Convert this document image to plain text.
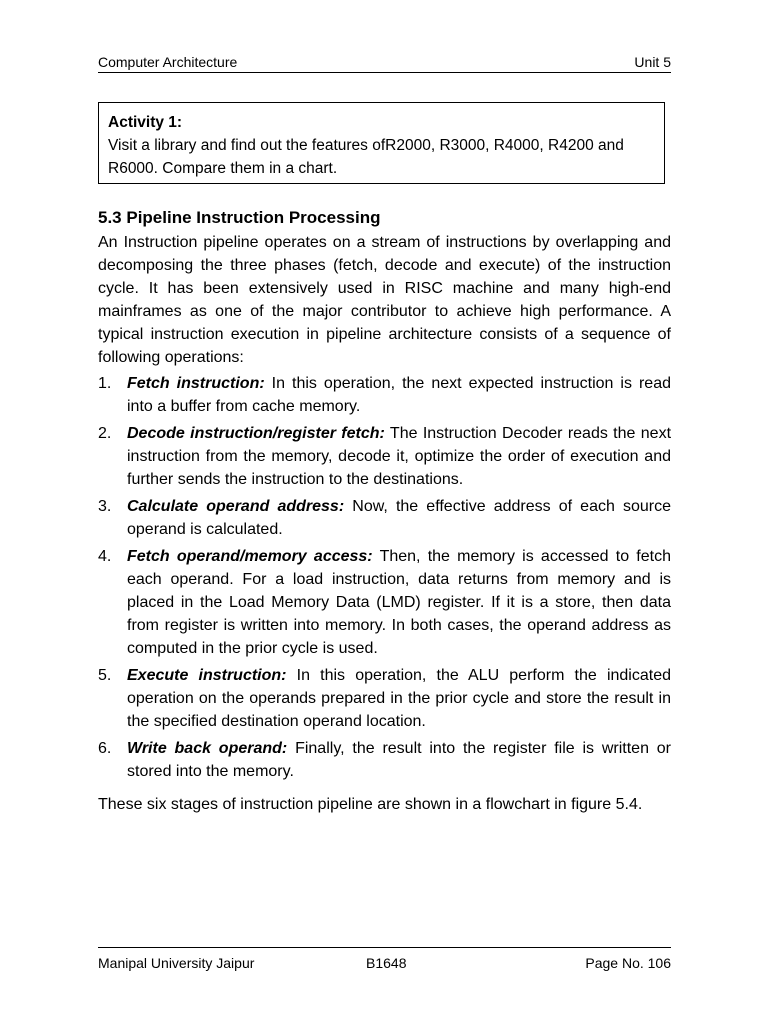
Computer Architecture	Unit 5
Activity 1:
Visit a library and find out the features ofR2000, R3000, R4000, R4200 and R6000. Compare them in a chart.
5.3 Pipeline Instruction Processing

An Instruction pipeline operates on a stream of instructions by overlapping and decomposing the three phases (fetch, decode and execute) of the instruction cycle. It has been extensively used in RISC machine and many high-end mainframes as one of the major contributor to achieve high performance. A typical instruction execution in pipeline architecture consists of a sequence of following operations:

1. Fetch instruction: In this operation, the next expected instruction is read into a buffer from cache memory.
2. Decode instruction/register fetch: The Instruction Decoder reads the next instruction from the memory, decode it, optimize the order of execution and further sends the instruction to the destinations.
3. Calculate operand address: Now, the effective address of each source operand is calculated.
4. Fetch operand/memory access: Then, the memory is accessed to fetch each operand. For a load instruction, data returns from memory and is placed in the Load Memory Data (LMD) register. If it is a store, then data from register is written into memory. In both cases, the operand address as computed in the prior cycle is used.
5. Execute instruction: In this operation, the ALU perform the indicated operation on the operands prepared in the prior cycle and store the result in the specified destination operand location.
6. Write back operand: Finally, the result into the register file is written or stored into the memory.

These six stages of instruction pipeline are shown in a flowchart in figure 5.4.

Manipal University Jaipur	B1648	Page No. 106
